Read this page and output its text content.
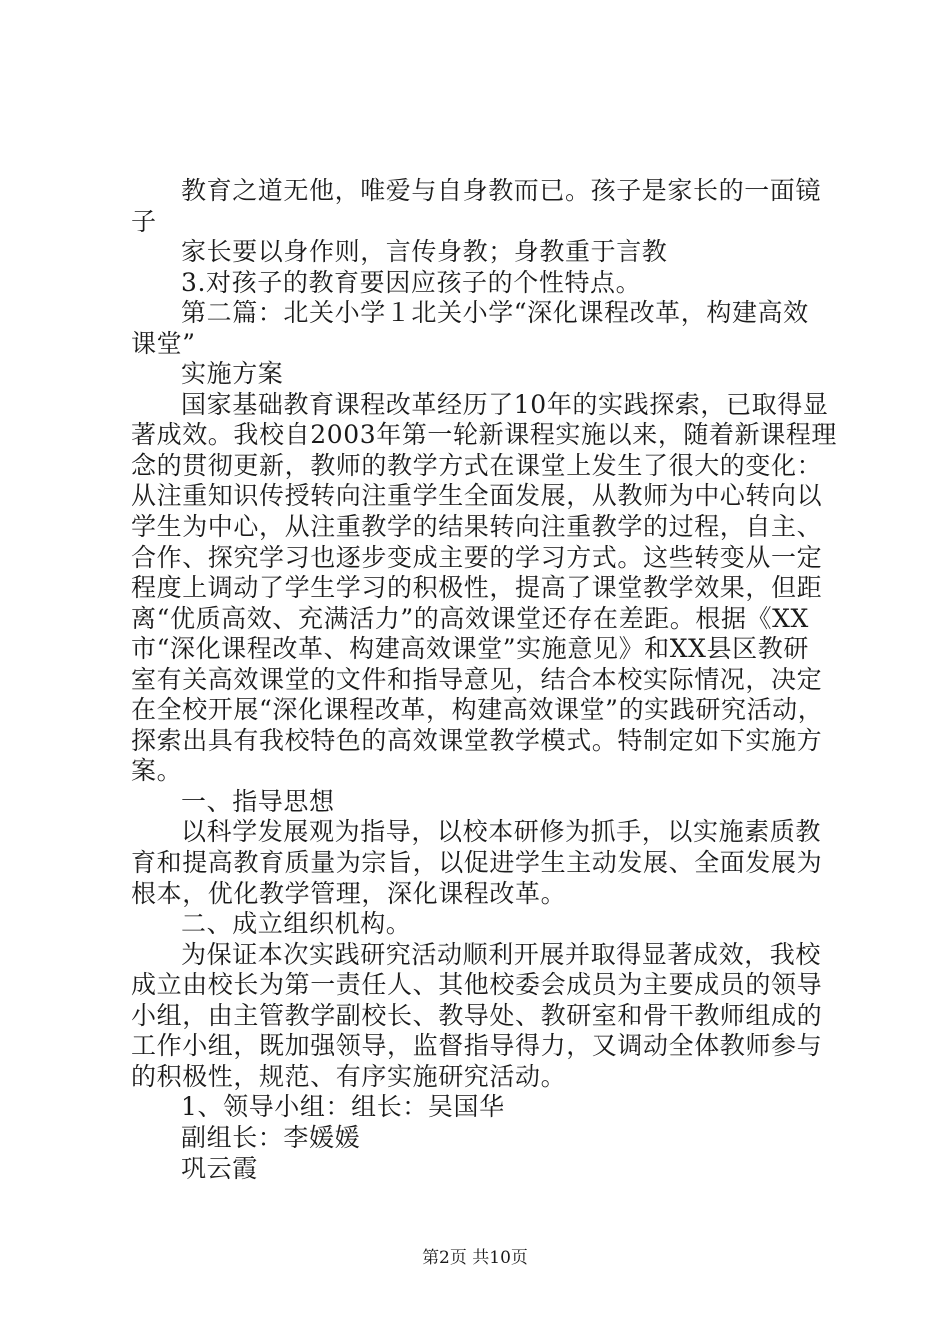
教育之道无他，唯爱与自身教而已。孩子是家长的一面镜
子
家长要以身作则，言传身教；身教重于言教
3.对孩子的教育要因应孩子的个性特点。
第二篇：北关小学１北关小学“深化课程改革，构建高效
课堂”
实施方案
国家基础教育课程改革经历了10年的实践探索，已取得显
著成效。我校自2003年第一轮新课程实施以来，随着新课程理
念的贯彻更新，教师的教学方式在课堂上发生了很大的变化：
从注重知识传授转向注重学生全面发展，从教师为中心转向以
学生为中心，从注重教学的结果转向注重教学的过程，自主、
合作、探究学习也逐步变成主要的学习方式。这些转变从一定
程度上调动了学生学习的积极性，提高了课堂教学效果，但距
离“优质高效、充满活力”的高效课堂还存在差距。根据《XX
市“深化课程改革、构建高效课堂”实施意见》和XX县区教研
室有关高效课堂的文件和指导意见，结合本校实际情况，决定
在全校开展“深化课程改革，构建高效课堂”的实践研究活动，
探索出具有我校特色的高效课堂教学模式。特制定如下实施方
案。
一、指导思想
以科学发展观为指导，以校本研修为抓手，以实施素质教
育和提高教育质量为宗旨，以促进学生主动发展、全面发展为
根本，优化教学管理，深化课程改革。
二、成立组织机构。
为保证本次实践研究活动顺利开展并取得显著成效，我校
成立由校长为第一责任人、其他校委会成员为主要成员的领导
小组，由主管教学副校长、教导处、教研室和骨干教师组成的
工作小组，既加强领导，监督指导得力，又调动全体教师参与
的积极性，规范、有序实施研究活动。
1、领导小组：组长：吴国华
副组长：李媛媛
巩云霞
第2页 共10页
